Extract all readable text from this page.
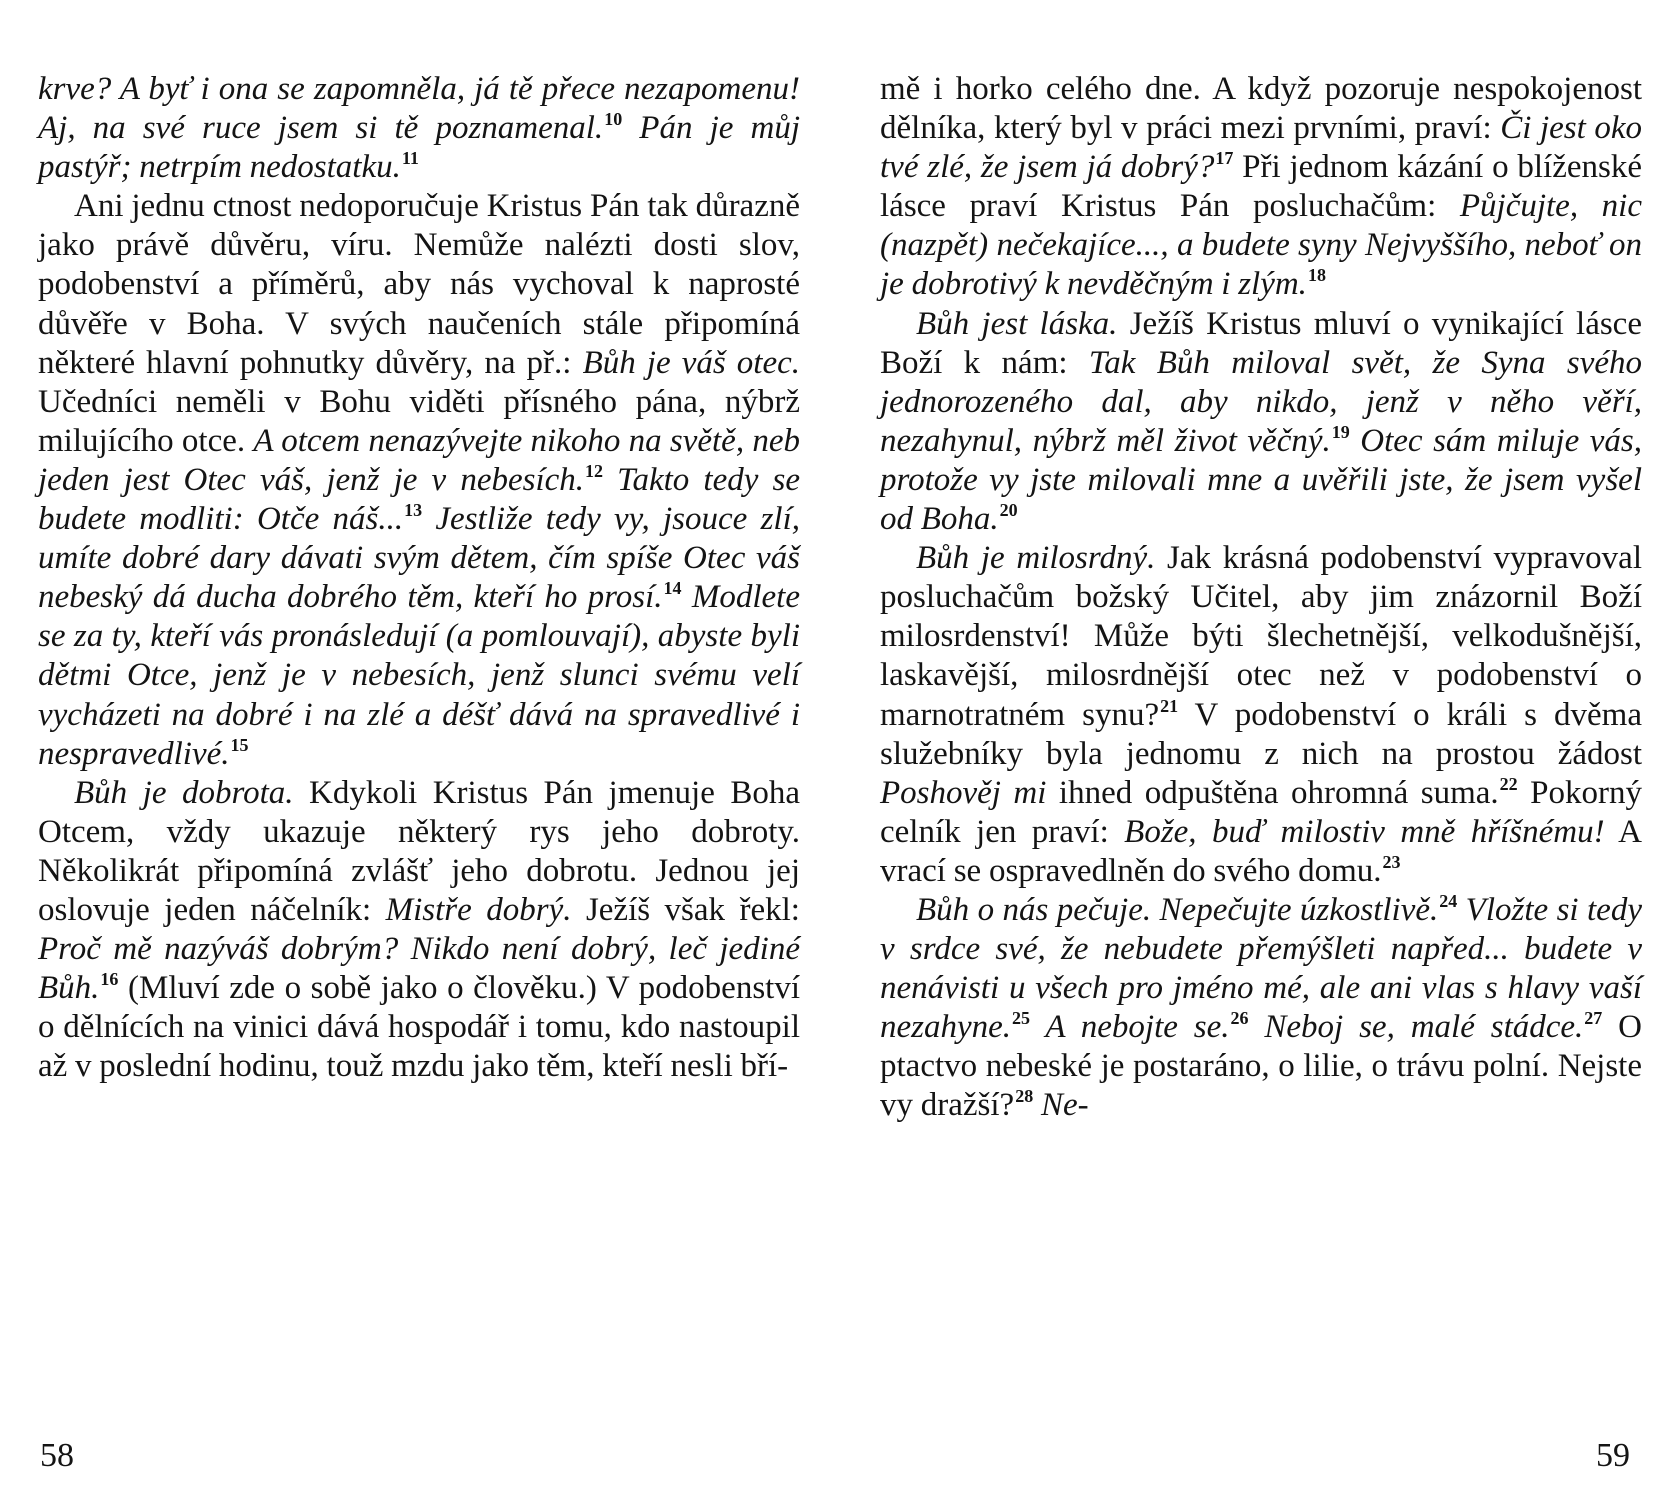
krve? A byť i ona se zapomněla, já tě přece nezapomenu! Aj, na své ruce jsem si tě poznamenal.$^{10}$ Pán je můj pastýř; netrpím nedostatku.$^{11}$

Ani jednu ctnost nedoporučuje Kristus Pán tak důrazně jako právě důvěru, víru. Nemůže nalézti dosti slov, podobenství a příměrů, aby nás vychoval k naprosté důvěře v Boha. V svých naučeních stále připomíná některé hlavní pohnutky důvěry, na př.: Bůh je váš otec. Učedníci neměli v Bohu viděti přísného pána, nýbrž milujícího otce. A otcem nenazývejte nikoho na světě, neb jeden jest Otec váš, jenž je v nebesích.$^{12}$ Takto tedy se budete modliti: Otče náš...$^{13}$ Jestliže tedy vy, jsouce zlí, umíte dobré dary dávati svým dětem, čím spíše Otec váš nebeský dá ducha dobrého těm, kteří ho prosí.$^{14}$ Modlete se za ty, kteří vás pronásledují (a pomlouvají), abyste byli dětmi Otce, jenž je v nebesích, jenž slunci svému velí vycházeti na dobré i na zlé a déšť dává na spravedlivé i nespravedlivé.$^{15}$

Bůh je dobrota. Kdykoli Kristus Pán jmenuje Boha Otcem, vždy ukazuje některý rys jeho dobroty. Několikrát připomíná zvlášť jeho dobrotu. Jednou jej oslovuje jeden náčelník: Mistře dobrý. Ježíš však řekl: Proč mě nazýváš dobrým? Nikdo není dobrý, leč jediné Bůh.$^{16}$ (Mluví zde o sobě jako o člověku.) V podobenství o dělnících na vinici dává hospodář i tomu, kdo nastoupil až v poslední hodinu, touž mzdu jako těm, kteří nesli bří-

mě i horko celého dne. A když pozoruje nespokojenost dělníka, který byl v práci mezi prvními, praví: Či jest oko tvé zlé, že jsem já dobrý?$^{17}$ Při jednom kázání o blíženské lásce praví Kristus Pán posluchačům: Půjčujte, nic (nazpět) nečekajíce..., a budete syny Nejvyššího, neboť on je dobrotivý k nevděčným i zlým.$^{18}$

Bůh jest láska. Ježíš Kristus mluví o vynikající lásce Boží k nám: Tak Bůh miloval svět, že Syna svého jednorozeného dal, aby nikdo, jenž v něho věří, nezahynul, nýbrž měl život věčný.$^{19}$ Otec sám miluje vás, protože vy jste milovali mne a uvěřili jste, že jsem vyšel od Boha.$^{20}$

Bůh je milosrdný. Jak krásná podobenství vypravoval posluchačům božský Učitel, aby jim znázornil Boží milosrdenství! Může býti šlechetnější, velkodušnější, laskavější, milosrdnější otec než v podobenství o marnotratném synu?$^{21}$ V podobenství o králi s dvěma služebníky byla jednomu z nich na prostou žádost Poshověj mi ihned odpuštěna ohromná suma.$^{22}$ Pokorný celník jen praví: Bože, buď milostiv mně hříšnému! A vrací se ospravedlněn do svého domu.$^{23}$

Bůh o nás pečuje. Nepečujte úzkostlivě.$^{24}$ Vložte si tedy v srdce své, že nebudete přemýšleti napřed... budete v nenávisti u všech pro jméno mé, ale ani vlas s hlavy vaší nezahyne.$^{25}$ A nebojte se.$^{26}$ Neboj se, malé stádce.$^{27}$ O ptactvo nebeské je postaráno, o lilie, o trávu polní. Nejste vy dražší?$^{28}$ Ne-

58	59
